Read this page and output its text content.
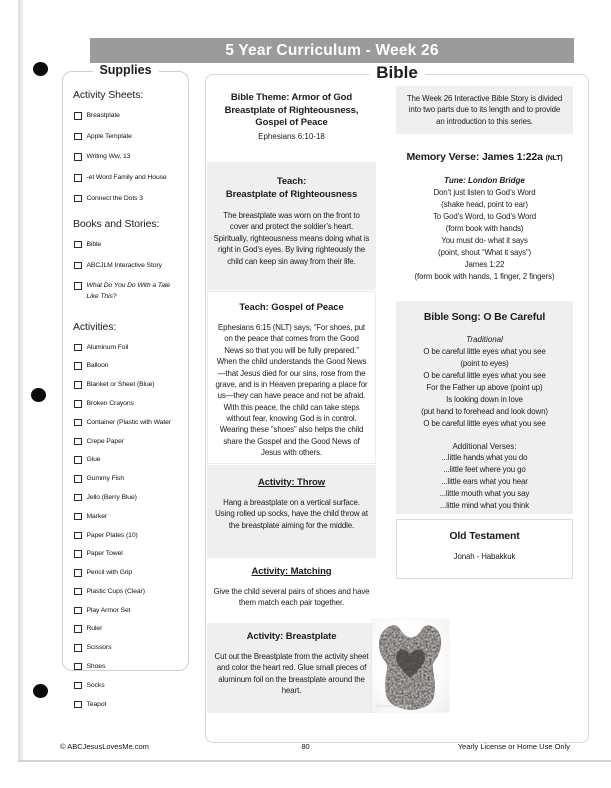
5 Year Curriculum - Week 26
Supplies
Activity Sheets:
Breastplate
Apple Template
Writing Ww, 13
-et Word Family and House
Connect the Dots 3
Books and Stories:
Bible
ABCJLM Interactive Story
What Do You Do With a Tale Like This?
Activities:
Aluminum Foil
Balloon
Blanket or Sheet (Blue)
Broken Crayons
Container (Plastic with Water
Crepe Paper
Glue
Gummy Fish
Jello (Berry Blue)
Marker
Paper Plates (10)
Paper Towel
Pencil with Grip
Plastic Cups (Clear)
Play Armor Set
Ruler
Scissors
Shoes
Socks
Teapot
Bible
Bible Theme: Armor of God
Breastplate of Righteousness,
Gospel of Peace
Ephesians 6:10-18
Teach:
Breastplate of Righteousness
The breastplate was worn on the front to cover and protect the soldier’s heart. Spiritually, righteousness means doing what is right in God’s eyes. By living righteously the child can keep sin away from their life.
Teach: Gospel of Peace
Ephesians 6:15 (NLT) says, “For shoes, put on the peace that comes from the Good News so that you will be fully prepared.” When the child understands the Good News—that Jesus died for our sins, rose from the grave, and is in Heaven preparing a place for us—they can have peace and not be afraid. With this peace, the child can take steps without fear, knowing God is in control. Wearing these “shoes” also helps the child share the Gospel and the Good News of Jesus with others.
Activity: Throw
Hang a breastplate on a vertical surface. Using rolled up socks, have the child throw at the breastplate aiming for the middle.
Activity: Matching
Give the child several pairs of shoes and have them match each pair together.
Activity: Breastplate
Cut out the Breastplate from the activity sheet and color the heart red. Glue small pieces of aluminum foil on the breastplate around the heart.
The Week 26 Interactive Bible Story is divided into two parts due to its length and to provide an introduction to this series.
Memory Verse: James 1:22a (NLT)
Tune: London Bridge
Don’t just listen to God’s Word
(shake head, point to ear)
To God’s Word, to God’s Word
(form book with hands)
You must do- what it says
(point, shout “What it says”)
James 1:22
(form book with hands, 1 finger, 2 fingers)
Bible Song: O Be Careful
Traditional
O be careful little eyes what you see
(point to eyes)
O be careful little eyes what you see
For the Father up above (point up)
Is looking down in love
(put hand to forehead and look down)
O be careful little eyes what you see
Additional Verses:
...little hands what you do
...little feet where you go
...little ears what you hear
...little mouth what you say
...little mind what you think
Old Testament
Jonah - Habakkuk
ABCJesusLovesMe
© ABCJesusLovesMe.com	80	Yearly License or Home Use Only
